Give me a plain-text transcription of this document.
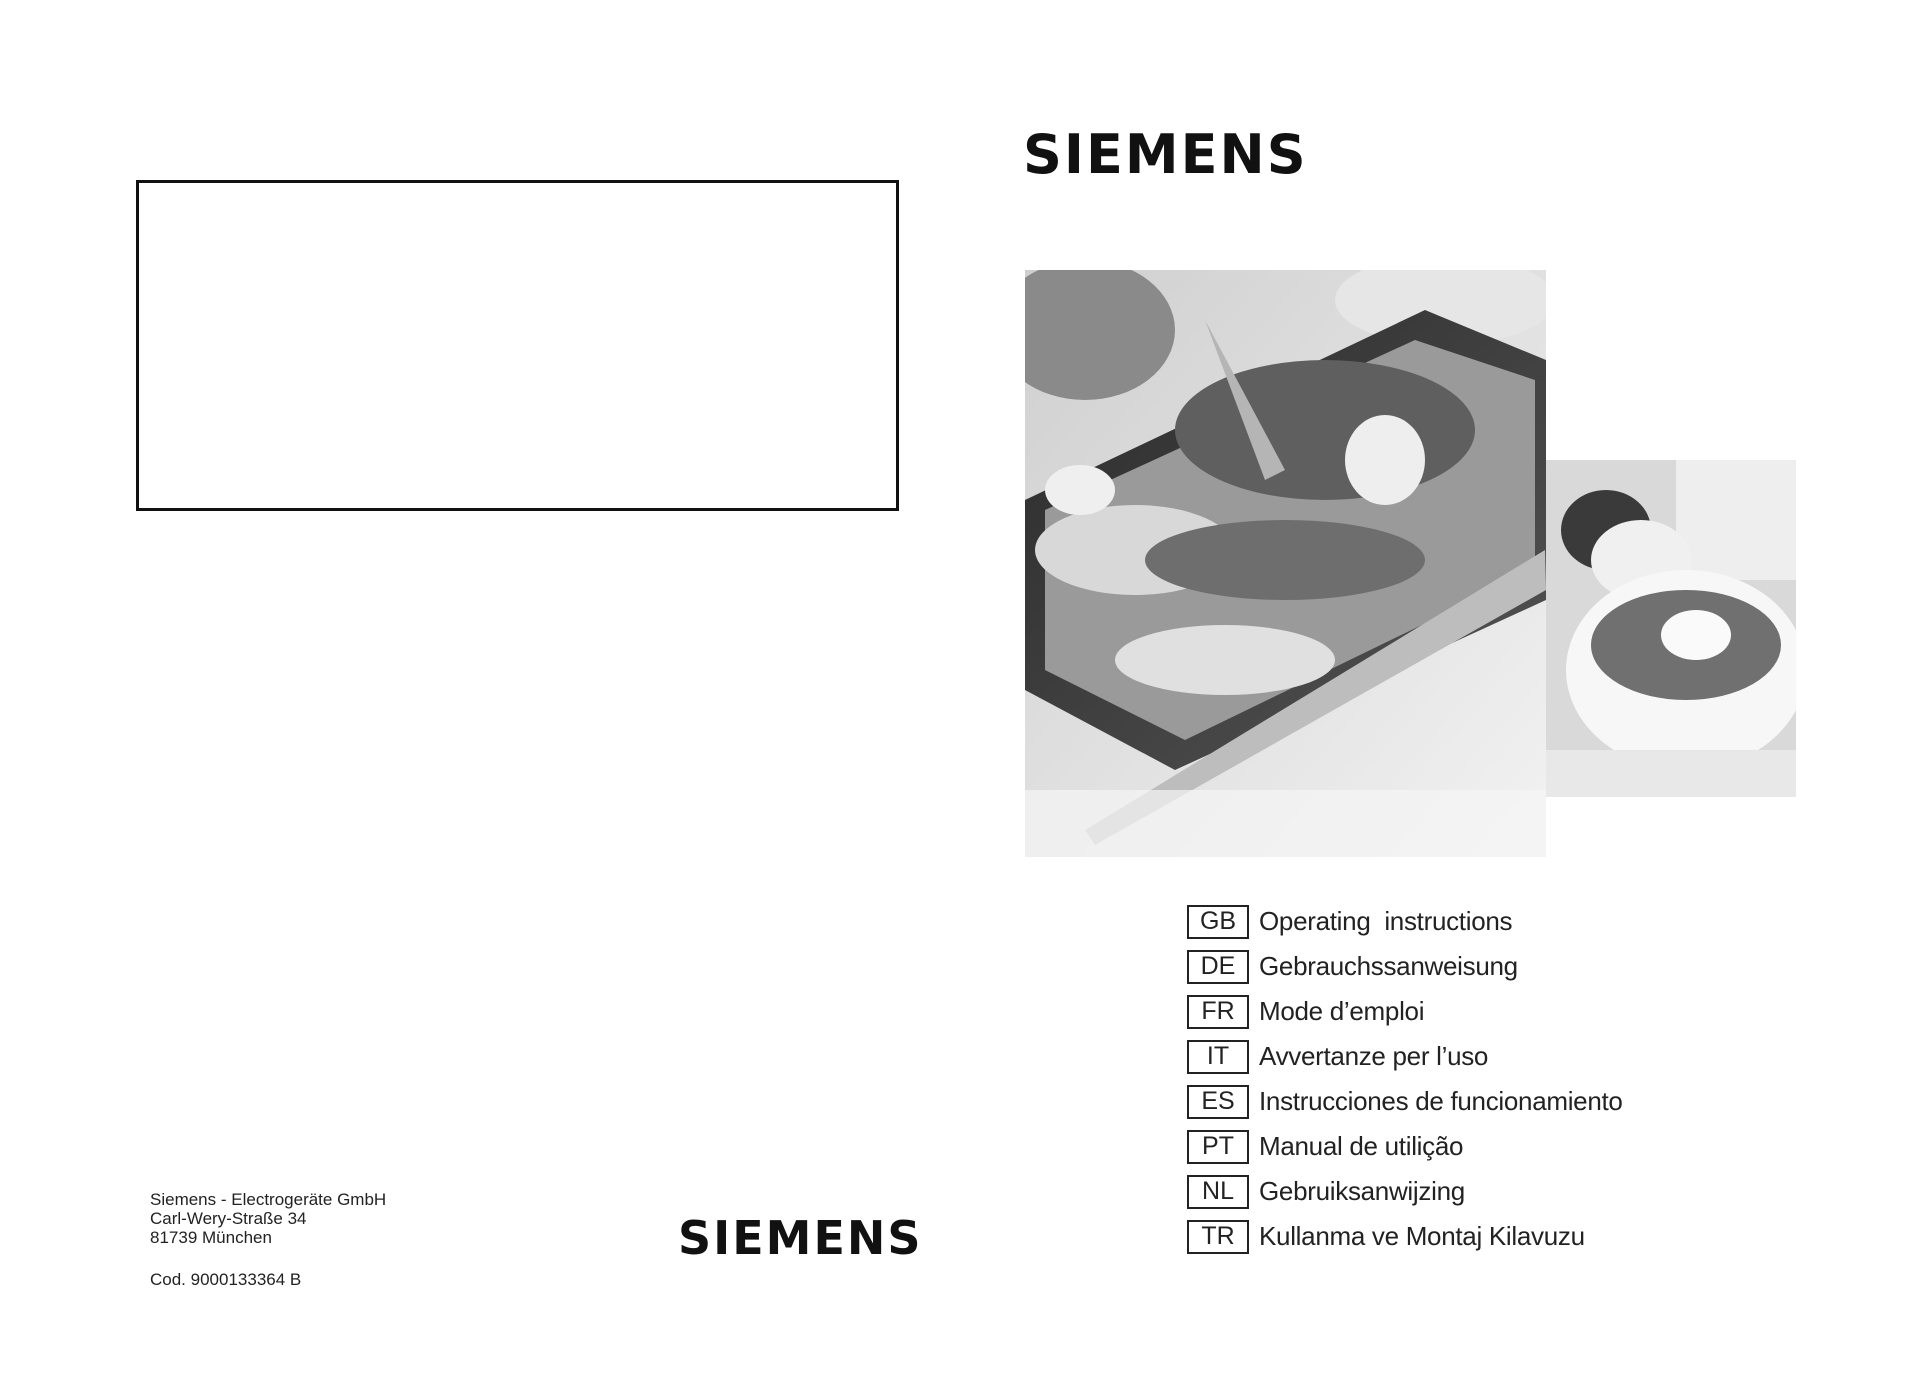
SIEMENS
GB Operating  instructions
DE Gebrauchssanweisung
FR Mode d’emploi
IT	Avvertanze per l’uso
ES Instrucciones de funcionamiento
PT Manual de utilição
NL Gebruiksanwijzing
TR Kullanma ve Montaj Kilavuzu
Siemens - Electrogeräte GmbH
Carl-Wery-Straße 34
81739 München
Cod. 9000133364 B
SIEMENS
